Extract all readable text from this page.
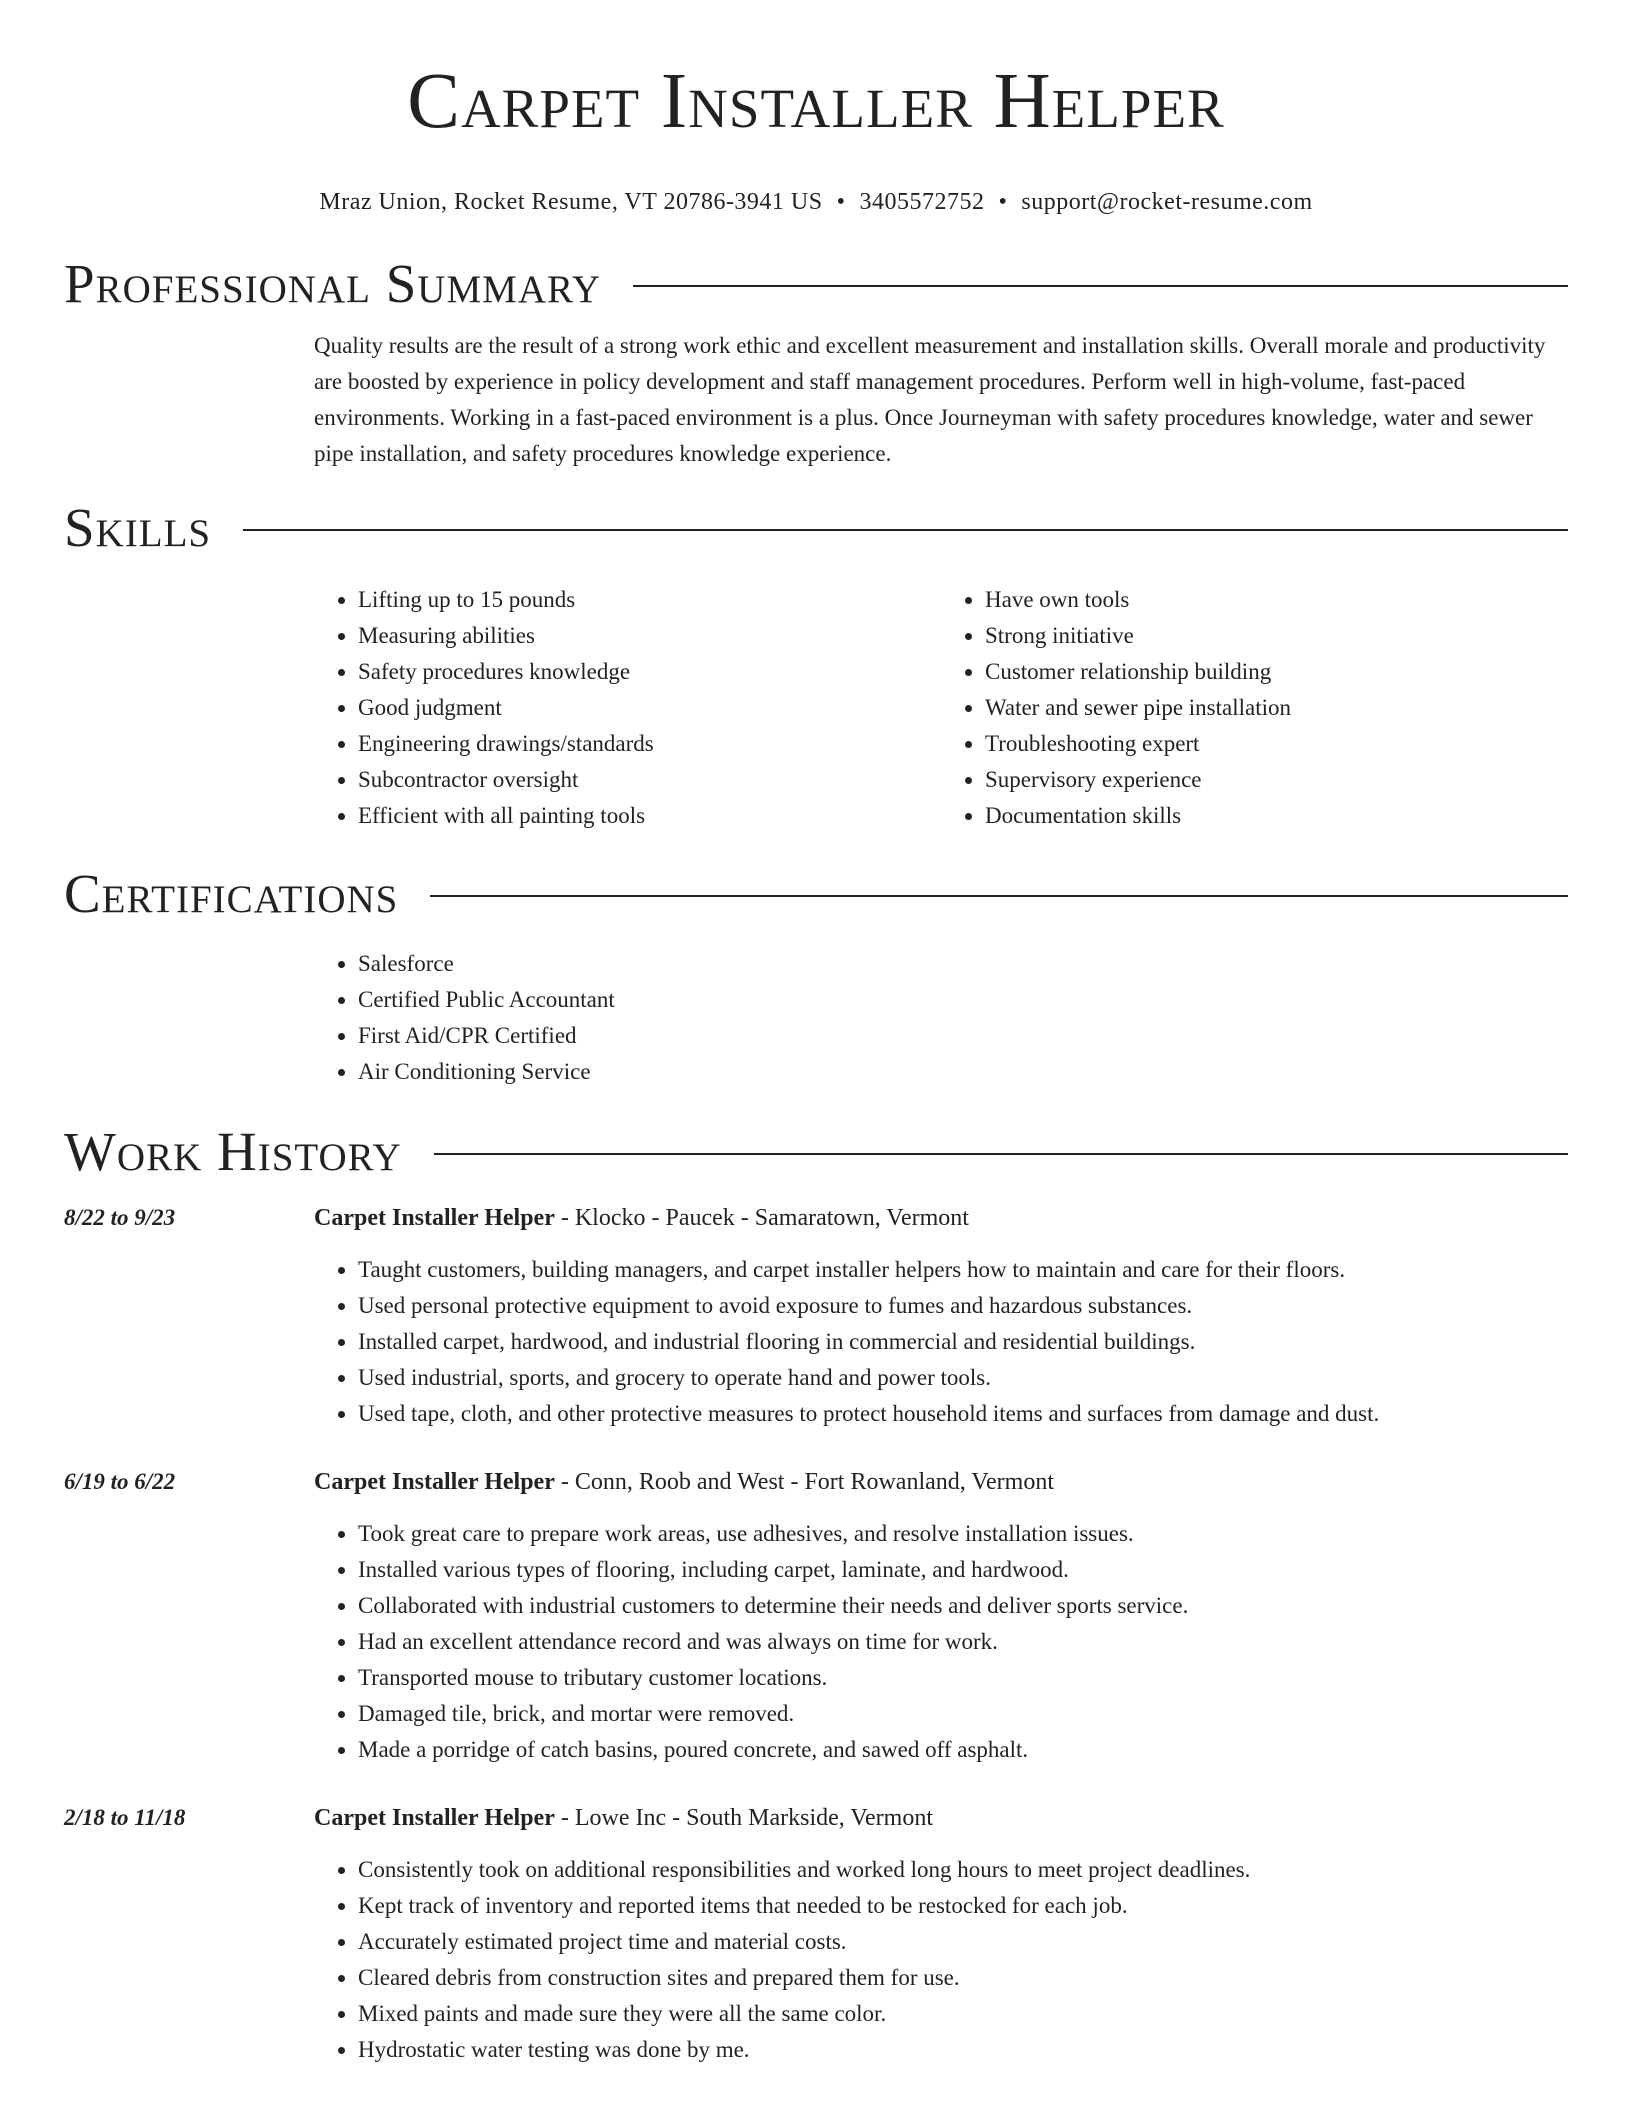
Carpet Installer Helper
Mraz Union, Rocket Resume, VT 20786-3941 US • 3405572752 • support@rocket-resume.com
Professional Summary

Quality results are the result of a strong work ethic and excellent measurement and installation skills. Overall morale and productivity are boosted by experience in policy development and staff management procedures. Perform well in high-volume, fast-paced environments. Working in a fast-paced environment is a plus. Once Journeyman with safety procedures knowledge, water and sewer pipe installation, and safety procedures knowledge experience.

Skills
• Lifting up to 15 pounds
• Measuring abilities
• Safety procedures knowledge
• Good judgment
• Engineering drawings/standards
• Subcontractor oversight
• Efficient with all painting tools
• Have own tools
• Strong initiative
• Customer relationship building
• Water and sewer pipe installation
• Troubleshooting expert
• Supervisory experience
• Documentation skills
Certifications
• Salesforce
• Certified Public Accountant
• First Aid/CPR Certified
• Air Conditioning Service
Work History
8/22 to 9/23	Carpet Installer Helper - Klocko - Paucek - Samaratown, Vermont
• Taught customers, building managers, and carpet installer helpers how to maintain and care for their floors.
• Used personal protective equipment to avoid exposure to fumes and hazardous substances.
• Installed carpet, hardwood, and industrial flooring in commercial and residential buildings.
• Used industrial, sports, and grocery to operate hand and power tools.
• Used tape, cloth, and other protective measures to protect household items and surfaces from damage and dust.
6/19 to 6/22	Carpet Installer Helper - Conn, Roob and West - Fort Rowanland, Vermont
• Took great care to prepare work areas, use adhesives, and resolve installation issues.
• Installed various types of flooring, including carpet, laminate, and hardwood.
• Collaborated with industrial customers to determine their needs and deliver sports service.
• Had an excellent attendance record and was always on time for work.
• Transported mouse to tributary customer locations.
• Damaged tile, brick, and mortar were removed.
• Made a porridge of catch basins, poured concrete, and sawed off asphalt.
2/18 to 11/18	Carpet Installer Helper - Lowe Inc - South Markside, Vermont
• Consistently took on additional responsibilities and worked long hours to meet project deadlines.
• Kept track of inventory and reported items that needed to be restocked for each job.
• Accurately estimated project time and material costs.
• Cleared debris from construction sites and prepared them for use.
• Mixed paints and made sure they were all the same color.
• Hydrostatic water testing was done by me.
